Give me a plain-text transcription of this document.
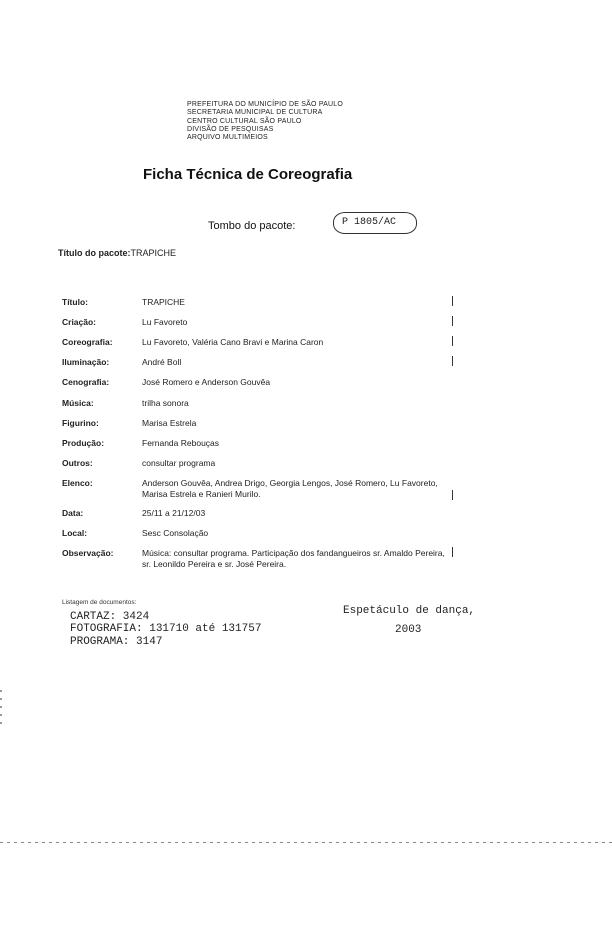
PREFEITURA DO MUNICÍPIO DE SÃO PAULO
SECRETARIA MUNICIPAL DE CULTURA
CENTRO CULTURAL SÃO PAULO
DIVISÃO DE PESQUISAS
ARQUIVO MULTIMEIOS
Ficha Técnica de Coreografia
Tombo do pacote:	P 1805/AC
Título do pacote:TRAPICHE
Título:	TRAPICHE
Criação:	Lu Favoreto
Coreografia:	Lu Favoreto, Valéria Cano Bravi e Marina Caron
Iluminação:	André Boll
Cenografia:	José Romero e Anderson Gouvêa
Música:	trilha sonora
Figurino:	Marisa Estrela
Produção:	Fernanda Rebouças
Outros:	consultar programa
Elenco:	Anderson Gouvêa, Andrea Drigo, Georgia Lengos, José Romero, Lu Favoreto, Marisa Estrela e Ranieri Murilo.
Data:	25/11 a 21/12/03
Local:	Sesc Consolação
Observação:	Música: consultar programa. Participação dos fandangueiros sr. Amaldo Pereira, sr. Leonildo Pereira e sr. José Pereira.
Listagem de documentos:
CARTAZ: 3424
FOTOGRAFIA: 131710 até 131757
PROGRAMA: 3147
Espetáculo de dança,
2003
